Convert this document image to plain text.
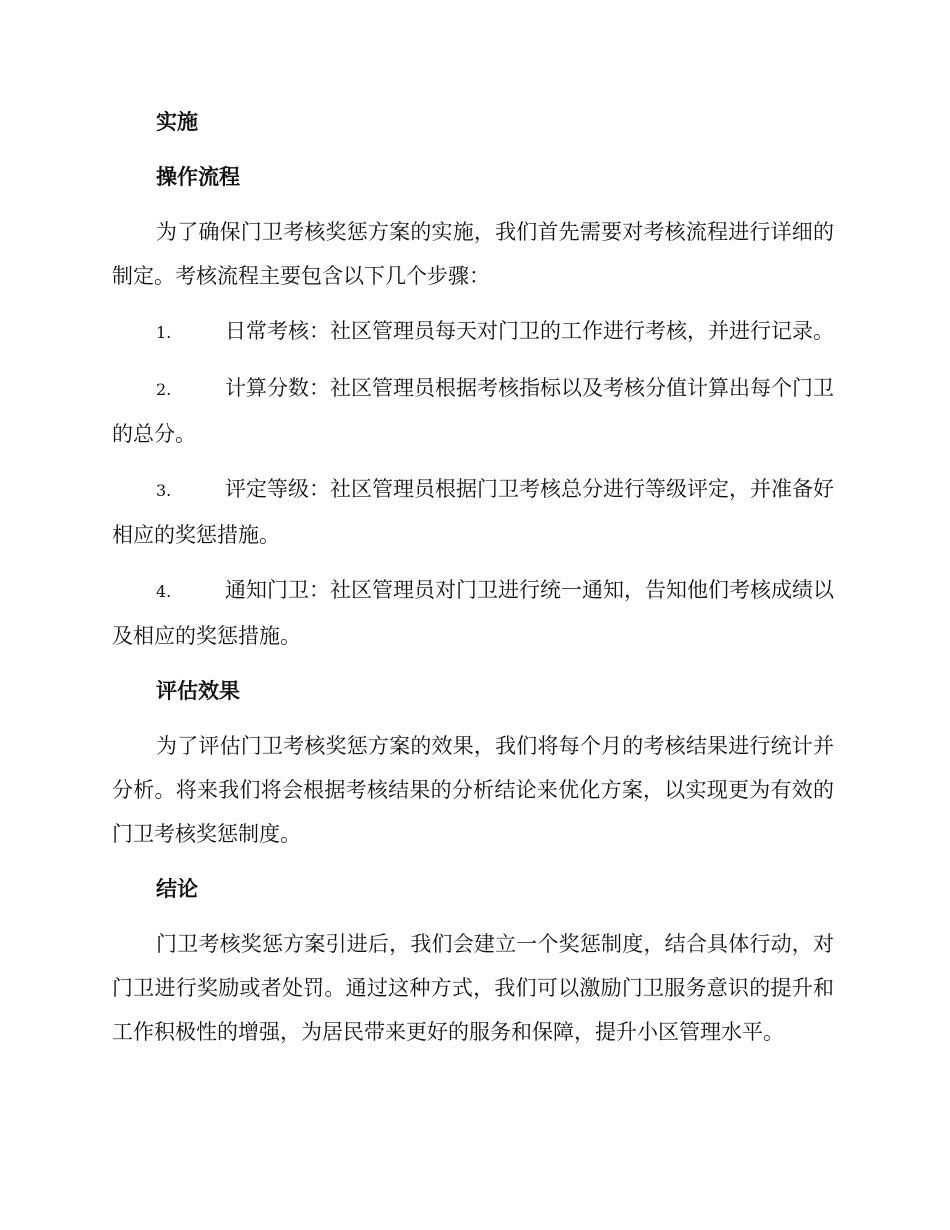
实施
操作流程
为了确保门卫考核奖惩方案的实施，我们首先需要对考核流程进行详细的制定。考核流程主要包含以下几个步骤：
1.	日常考核：社区管理员每天对门卫的工作进行考核，并进行记录。
2.	计算分数：社区管理员根据考核指标以及考核分值计算出每个门卫的总分。
3.	评定等级：社区管理员根据门卫考核总分进行等级评定，并准备好相应的奖惩措施。
4.	通知门卫：社区管理员对门卫进行统一通知，告知他们考核成绩以及相应的奖惩措施。
评估效果
为了评估门卫考核奖惩方案的效果，我们将每个月的考核结果进行统计并分析。将来我们将会根据考核结果的分析结论来优化方案，以实现更为有效的门卫考核奖惩制度。
结论
门卫考核奖惩方案引进后，我们会建立一个奖惩制度，结合具体行动，对门卫进行奖励或者处罚。通过这种方式，我们可以激励门卫服务意识的提升和工作积极性的增强，为居民带来更好的服务和保障，提升小区管理水平。
